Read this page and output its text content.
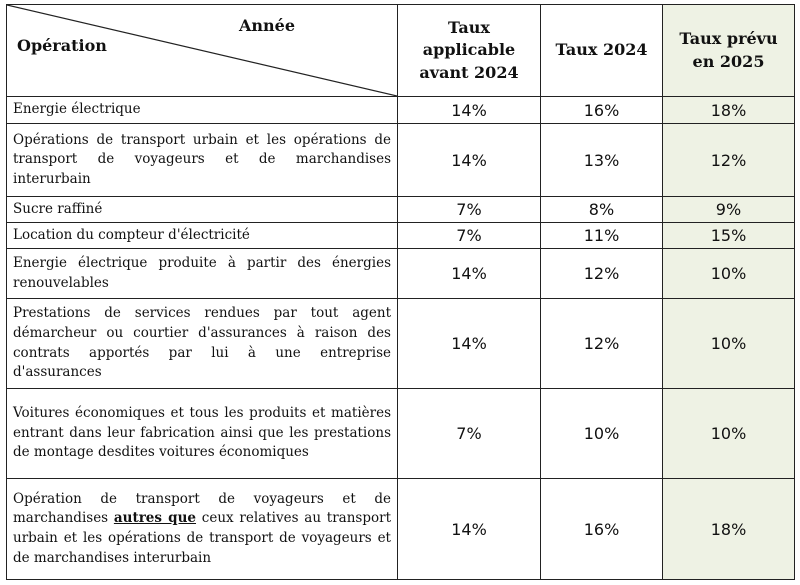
Année
Opération	Taux applicable avant 2024	Taux 2024	Taux prévu en 2025
Energie électrique	14%	16%	18%
Opérations de transport urbain et les opérations de transport de voyageurs et de marchandises interurbain	14%	13%	12%
Sucre raffiné	7%	8%	9%
Location du compteur d'électricité	7%	11%	15%
Energie électrique produite à partir des énergies renouvelables	14%	12%	10%
Prestations de services rendues par tout agent démarcheur ou courtier d'assurances à raison des contrats apportés par lui à une entreprise d'assurances	14%	12%	10%
Voitures économiques et tous les produits et matières entrant dans leur fabrication ainsi que les prestations de montage desdites voitures économiques	7%	10%	10%
Opération de transport de voyageurs et de marchandises autres que ceux relatives au transport urbain et les opérations de transport de voyageurs et de marchandises interurbain	14%	16%	18%
